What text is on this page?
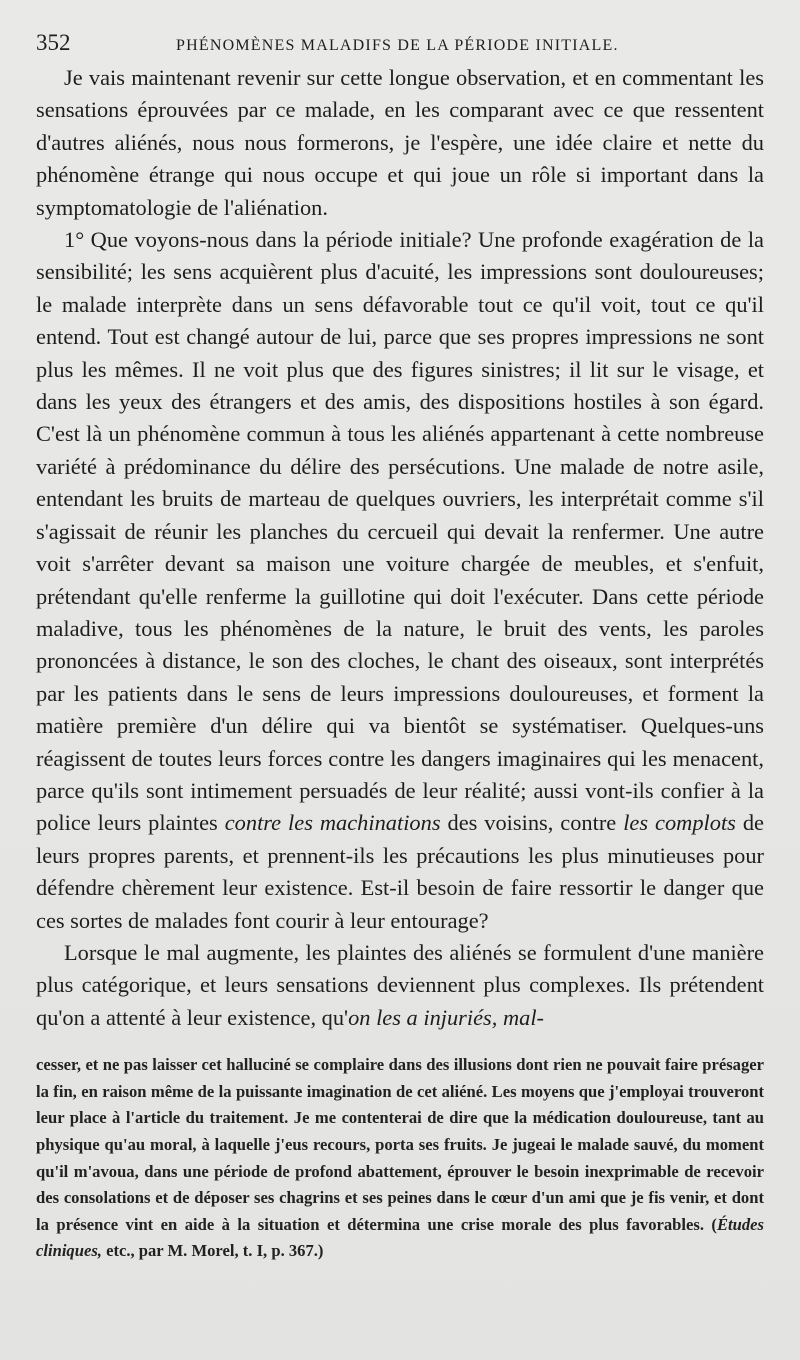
352	PHÉNOMÈNES MALADIFS DE LA PÉRIODE INITIALE.

Je vais maintenant revenir sur cette longue observation, et en commentant les sensations éprouvées par ce malade, en les comparant avec ce que ressentent d'autres aliénés, nous nous formerons, je l'espère, une idée claire et nette du phénomène étrange qui nous occupe et qui joue un rôle si important dans la symptomatologie de l'aliénation.

1° Que voyons-nous dans la période initiale? Une profonde exagération de la sensibilité; les sens acquièrent plus d'acuité, les impressions sont douloureuses; le malade interprète dans un sens défavorable tout ce qu'il voit, tout ce qu'il entend. Tout est changé autour de lui, parce que ses propres impressions ne sont plus les mêmes. Il ne voit plus que des figures sinistres; il lit sur le visage, et dans les yeux des étrangers et des amis, des dispositions hostiles à son égard. C'est là un phénomène commun à tous les aliénés appartenant à cette nombreuse variété à prédominance du délire des persécutions. Une malade de notre asile, entendant les bruits de marteau de quelques ouvriers, les interprétait comme s'il s'agissait de réunir les planches du cercueil qui devait la renfermer. Une autre voit s'arrêter devant sa maison une voiture chargée de meubles, et s'enfuit, prétendant qu'elle renferme la guillotine qui doit l'exécuter. Dans cette période maladive, tous les phénomènes de la nature, le bruit des vents, les paroles prononcées à distance, le son des cloches, le chant des oiseaux, sont interprétés par les patients dans le sens de leurs impressions douloureuses, et forment la matière première d'un délire qui va bientôt se systématiser. Quelques-uns réagissent de toutes leurs forces contre les dangers imaginaires qui les menacent, parce qu'ils sont intimement persuadés de leur réalité; aussi vont-ils confier à la police leurs plaintes contre les machinations des voisins, contre les complots de leurs propres parents, et prennent-ils les précautions les plus minutieuses pour défendre chèrement leur existence. Est-il besoin de faire ressortir le danger que ces sortes de malades font courir à leur entourage?

Lorsque le mal augmente, les plaintes des aliénés se formulent d'une manière plus catégorique, et leurs sensations deviennent plus complexes. Ils prétendent qu'on a attenté à leur existence, qu'on les a injuriés, mal-

cesser, et ne pas laisser cet halluciné se complaire dans des illusions dont rien ne pouvait faire présager la fin, en raison même de la puissante imagination de cet aliéné. Les moyens que j'employai trouveront leur place à l'article du traitement. Je me contenterai de dire que la médication douloureuse, tant au physique qu'au moral, à laquelle j'eus recours, porta ses fruits. Je jugeai le malade sauvé, du moment qu'il m'avoua, dans une période de profond abattement, éprouver le besoin inexprimable de recevoir des consolations et de déposer ses chagrins et ses peines dans le cœur d'un ami que je fis venir, et dont la présence vint en aide à la situation et détermina une crise morale des plus favorables. (Études cliniques, etc., par M. Morel, t. I, p. 367.)
